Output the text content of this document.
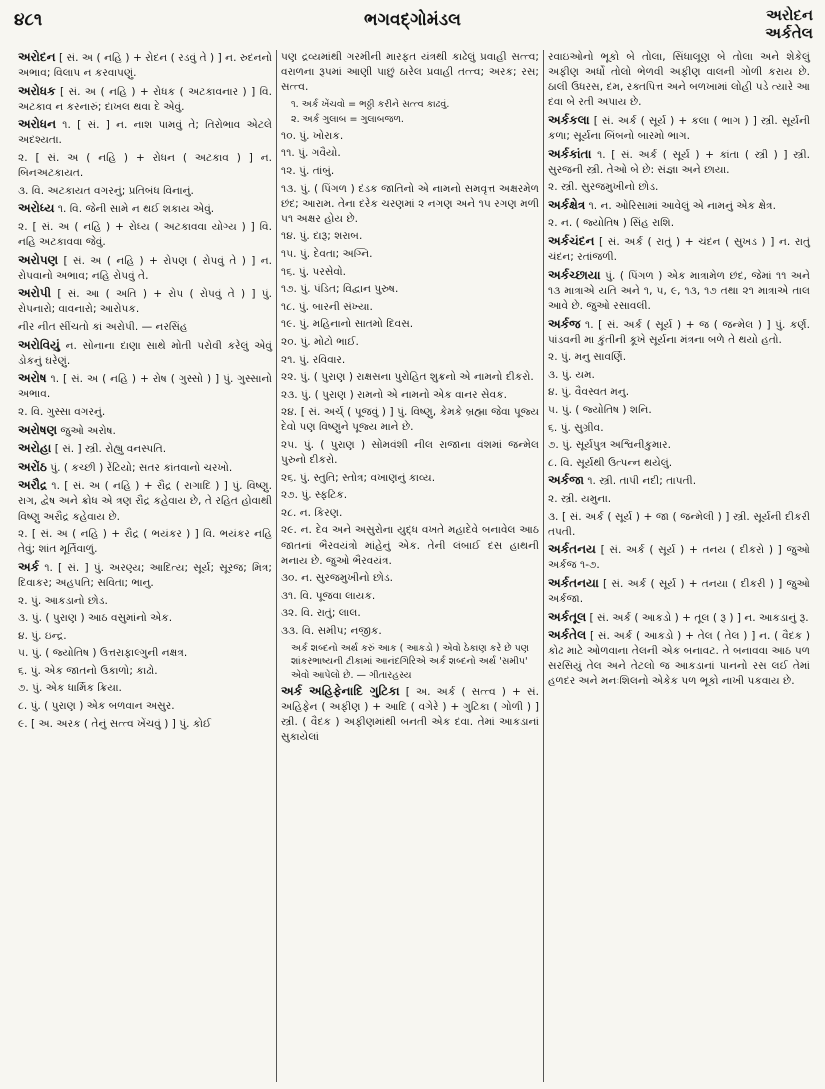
૪૮૧	ભગવદ્ગોમંડલ	અરોદન
અર્કતેલ
અરોદન [ સં. અ ( નહિ ) + રોદન ( રડવું તે ) ] ન. રુદનનો અભાવ; વિલાપ ન કરવાપણું.
અરોધક [ સં. અ ( નહિ ) + રોધક ( અટકાવનાર ) ] વિ. અટકાવ ન કરનારું; દાખલ થવા દે એવું.
અરોધન ૧. [ સં. ] ન. નાશ પામવું તે; તિરોભાવ એટલે અદશ્યતા.
૨. [ સં. અ ( નહિ ) + રોધન ( અટકાવ ) ] ન. બિનઅટકાયત.
૩. વિ. અટકાયત વગરનું; પ્રતિબંધ વિનાનું.
અરોધ્ય ૧. વિ. જેની સામે ન થઈ શકાય એવું.
૨. [ સં. અ ( નહિ ) + રોધ્ય ( અટકાવવા યોગ્ય ) ] વિ. નહિ અટકાવવા જેવું.
અરોપણ [ સં. અ ( નહિ ) + રોપણ ( રોપવું તે ) ] ન. રોપવાનો અભાવ; નહિ રોપવું તે.
અરોપી [ સં. આ ( અતિ ) + રોપ ( રોપવું તે ) ] પું. રોપનારો; વાવનારો; આરોપક.
નીર નીત સીંચતો કાં અરોપી. — નરસિંહ
અરોવિયું ન. સોનાના દાણા સાથે મોતી પરોવી કરેલું એવું ડોકનું ઘરેણું.
અરોષ ૧. [ સં. અ ( નહિ ) + રોષ ( ગુસ્સો ) ] પું. ગુસ્સાનો અભાવ.
૨. વિ. ગુસ્સા વગરનું.
અરોષણ જુઓ અરોષ.
અરોહા [ સં. ] સ્ત્રી. રોહ્યુ વનસ્પતિ.
અરોંઠ પું. ( કચ્છી ) રેંટિયો; સતર કાંતવાનો ચરખો.
અરૌદ્ર ૧. [ સં. અ ( નહિ ) + રૌદ્ર ( રાગાદિ ) ] પું. વિષ્ણુ. રાગ, દ્વેષ અને ક્રોધ એ ત્રણ રૌદ્ર કહેવાય છે, તે રહિત હોવાથી વિષ્ણુ અરૌદ્ર કહેવાય છે.
૨. [ સં. અ ( નહિ ) + રૌદ્ર ( ભયંકર ) ] વિ. ભયંકર નહિ તેવું; શાંત મૂર્તિવાળું.
અર્ક ૧. [ સં. ] પું. અરણ્ય; આદિત્ય; સૂર્ય; સૂરજ; મિત્ર; દિવાકર; અહપતિ; સવિતા; ભાનુ.
૨. પું. આકડાનો છોડ.
૩. પું. ( પુરાણ ) આઠ વસુમાંનો એક.
૪. પું. ઇન્દ્ર.
૫. પું. ( જ્યોતિષ ) ઉત્તરાફાલ્ગુની નક્ષત્ર.
૬. પું. એક જાતનો ઉકાળો; કાઢો.
૭. પું. એક ધાર્મિક ક્રિયા.
૮. પું. ( પુરાણ ) એક બળવાન અસુર.
૯. [ અ. અરક ( તેનું સત્ત્વ ખેંચવું ) ] પું. કોઈ
પણ દ્રવ્યમાંથી ગરમીની મારફત યંત્રથી કાઢેલું પ્રવાહી સત્ત્વ; વરાળના રૂપમાં આણી પાછું ઠારેલ પ્રવાહી તત્ત્વ; અરક; રસ; સત્ત્વ.
૧. અર્ક ખેંચવો = ભઠ્ઠી કરીને સત્ત્વ કાઢવું.
૨. અર્ક ગુલાબ = ગુલાબજળ.
૧૦. પું. ખોરાક.
૧૧. પું. ગવૈયો.
૧૨. પું. તાંબું.
૧૩. પું. ( પિંગળ ) દંડક જાતિનો એ નામનો સમવૃત્ત અક્ષરમેળ છંદ; આરામ. તેના દરેક ચરણમાં ૨ નગણ અને ૧૫ રગણ મળી ૫૧ અક્ષર હોય છે.
૧૪. પું. દારૂ; શરાબ.
૧૫. પું. દેવતા; અગ્નિ.
૧૬. પું. પરસેવો.
૧૭. પું. પંડિત; વિદ્વાન પુરુષ.
૧૮. પું. બારની સંખ્યા.
૧૯. પું. મહિનાનો સાતમો દિવસ.
૨૦. પું. મોટો ભાઈ.
૨૧. પું. રવિવાર.
૨૨. પું. ( પુરાણ ) રાક્ષસના પુરોહિત શુક્રનો એ નામનો દીકરો.
૨૩. પું. ( પુરાણ ) રામનો એ નામનો એક વાનર સેવક.
૨૪. [ સં. અર્ચ્ ( પૂજવું ) ] પું. વિષ્ણુ, કેમકે બ્રહ્મા જેવા પૂજ્ય દેવો પણ વિષ્ણુને પૂજ્ય માને છે.
૨૫. પું. ( પુરાણ ) સોમવંશી નીલ રાજાના વંશમાં જન્મેલ પુરુનો દીકરો.
૨૬. પું. સ્તુતિ; સ્તોત્ર; વખાણનું કાવ્ય.
૨૭. પું. સ્ફટિક.
૨૮. ન. કિરણ.
૨૯. ન. દેવ અને અસુરોના યુદ્ધ વખતે મહાદેવે બનાવેલ આઠ જાતનાં ભૈરવયંત્રો માંહેનું એક. તેની લંબાઈ દસ હાથની મનાય છે. જુઓ ભૈરવયંત્ર.
૩૦. ન. સુરજમુખીનો છોડ.
૩૧. વિ. પૂજવા લાયક.
૩૨. વિ. રાતું; લાલ.
૩૩. વિ. સમીપ; નજીક.
અર્ક શબ્દનો અર્થ કરું આક ( આકડો ) એવો ઠેકાણ કરે છે પણ શાંકરભાષ્યની ટીકામાં આનંદગિરિએ અર્ક શબ્દનો અર્થ 'સમીપ' એવો આપેલો છે. — ગીતારહસ્ય
અર્ક અહિફેનાદિ ગુટિકા [ અ. અર્ક ( સત્ત્વ ) + સં. અહિફેન ( અફીણ ) + આદિ ( વગેરે ) + ગુટિકા ( ગોળી ) ] સ્ત્રી. ( વૈદક ) અફીણમાંથી બનતી એક દવા. તેમાં આકડાનાં સુકાયેલાં
રવાઇઓનો ભૂકો બે તોલા, સિંધાલૂણ બે તોલા અને શેકેલું અફીણ અર્ધો તોલો ભેળવી અફીણ વાલની ગોળી કરાય છે. ઠાલી ઉધરસ, દમ, રક્તપિત્ત અને બળખામાં લોહી પડે ત્યારે આ દવા બે રતી અપાય છે.
અર્કકલા [ સં. અર્ક ( સૂર્ય ) + કલા ( ભાગ ) ] સ્ત્રી. સૂર્યની કળા; સૂર્યના બિંબનો બારમો ભાગ.
અર્કકાંતા ૧. [ સં. અર્ક ( સૂર્ય ) + કાંતા ( સ્ત્રી ) ] સ્ત્રી. સુરજની સ્ત્રી. તેઓ બે છે: સંજ્ઞા અને છાયા.
૨. સ્ત્રી. સુરજમુખીનો છોડ.
અર્કક્ષેત્ર ૧. ન. ઓરિસામાં આવેલું એ નામનું એક ક્ષેત્ર.
૨. ન. ( જ્યોતિષ ) સિંહ રાશિ.
અર્કચંદન [ સં. અર્ક ( રાતું ) + ચંદન ( સુખડ ) ] ન. રાતું ચંદન; રતાંજળી.
અર્કચ્છાયા પું. ( પિંગળ ) એક માત્રામેળ છંદ, જેમાં ૧૧ અને ૧૩ માત્રાએ યતિ અને ૧, ૫, ૯, ૧૩, ૧૭ તથા ૨૧ માત્રાએ તાલ આવે છે. જુઓ રસાવલી.
અર્કજ ૧. [ સં. અર્ક ( સૂર્ય ) + જ ( જન્મેલ ) ] પું. કર્ણ. પાંડવની મા કુંતીની કૂખે સૂર્યના મંત્રના બળે તે થયો હતો.
૨. પું. મનુ સાવર્ણિ.
૩. પું. યમ.
૪. પું. વૈવસ્વત મનુ.
૫. પું. ( જ્યોતિષ ) શનિ.
૬. પું. સુગ્રીવ.
૭. પું. સૂર્યપુત્ર અશ્વિનીકુમાર.
૮. વિ. સૂર્યથી ઉત્પન્ન થયેલું.
અર્કજા ૧. સ્ત્રી. તાપી નદી; તાપતી.
૨. સ્ત્રી. યમુના.
૩. [ સં. અર્ક ( સૂર્ય ) + જા ( જન્મેલી ) ] સ્ત્રી. સૂર્યની દીકરી તપતી.
અર્કતનય [ સં. અર્ક ( સૂર્ય ) + તનય ( દીકરો ) ] જુઓ અર્કજ ૧-૭.
અર્કતનયા [ સં. અર્ક ( સૂર્ય ) + તનયા ( દીકરી ) ] જુઓ અર્કજા.
અર્કતૂલ [ સં. અર્ક ( આકડો ) + તૂલ ( રૂ ) ] ન. આકડાનું રૂ.
અર્કતેલ [ સં. અર્ક ( આકડો ) + તેલ ( તેલ ) ] ન. ( વૈદક ) કોઢ માટે ઓળવાના તેલની એક બનાવટ. તે બનાવવા આઠ પળ સરસિયું તેલ અને તેટલો જ આકડાનાં પાનનો રસ લઈ તેમાં હળદર અને મનઃશિલનો એકેક પળ ભૂકો નાખી પકવાય છે.
